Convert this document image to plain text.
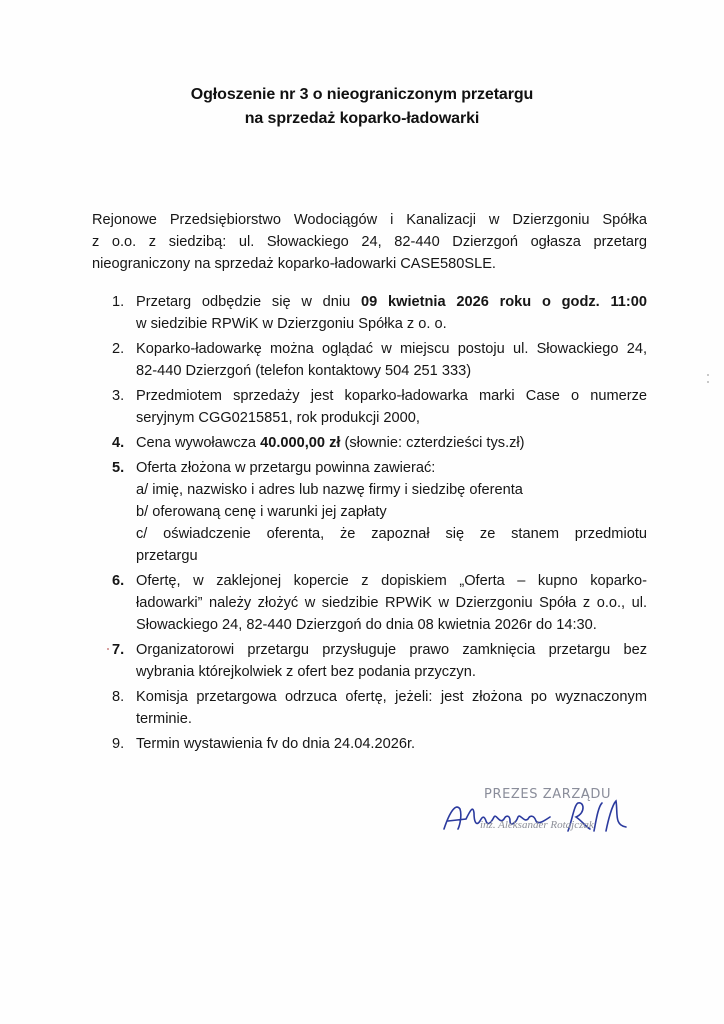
Ogłoszenie nr 3 o nieograniczonym przetargu
na sprzedaż koparko-ładowarki
Rejonowe Przedsiębiorstwo Wodociągów i Kanalizacji w Dzierzgoniu Spółka
z o.o. z siedzibą: ul. Słowackiego 24, 82-440 Dzierzgoń ogłasza przetarg
nieograniczony na sprzedaż koparko-ładowarki CASE580SLE.
1. Przetarg odbędzie się w dniu 09 kwietnia 2026 roku o godz. 11:00
w siedzibie RPWiK w Dzierzgoniu Spółka z o. o.
2. Koparko-ładowarkę można oglądać w miejscu postoju ul. Słowackiego 24,
82-440 Dzierzgoń (telefon kontaktowy 504 251 333)
3. Przedmiotem sprzedaży jest koparko-ładowarka marki Case o numerze
seryjnym CGG0215851, rok produkcji 2000,
4. Cena wywoławcza 40.000,00 zł (słownie: czterdzieści tys.zł)
5. Oferta złożona w przetargu powinna zawierać:
a/ imię, nazwisko i adres lub nazwę firmy i siedzibę oferenta
b/ oferowaną cenę i warunki jej zapłaty
c/ oświadczenie oferenta, że zapoznał się ze stanem przedmiotu
przetargu
6. Ofertę, w zaklejonej kopercie z dopiskiem „Oferta – kupno koparko-
ładowarki” należy złożyć w siedzibie RPWiK w Dzierzgoniu Spóła z o.o., ul.
Słowackiego 24, 82-440 Dzierzgoń do dnia 08 kwietnia 2026r do 14:30.
7. Organizatorowi przetargu przysługuje prawo zamknięcia przetargu bez
wybrania którejkolwiek z ofert bez podania przyczyn.
8. Komisja przetargowa odrzuca ofertę, jeżeli: jest złożona po wyznaczonym
terminie.
9. Termin wystawienia fv do dnia 24.04.2026r.
PREZES ZARZĄDU
inż. Aleksander Rotajczak
